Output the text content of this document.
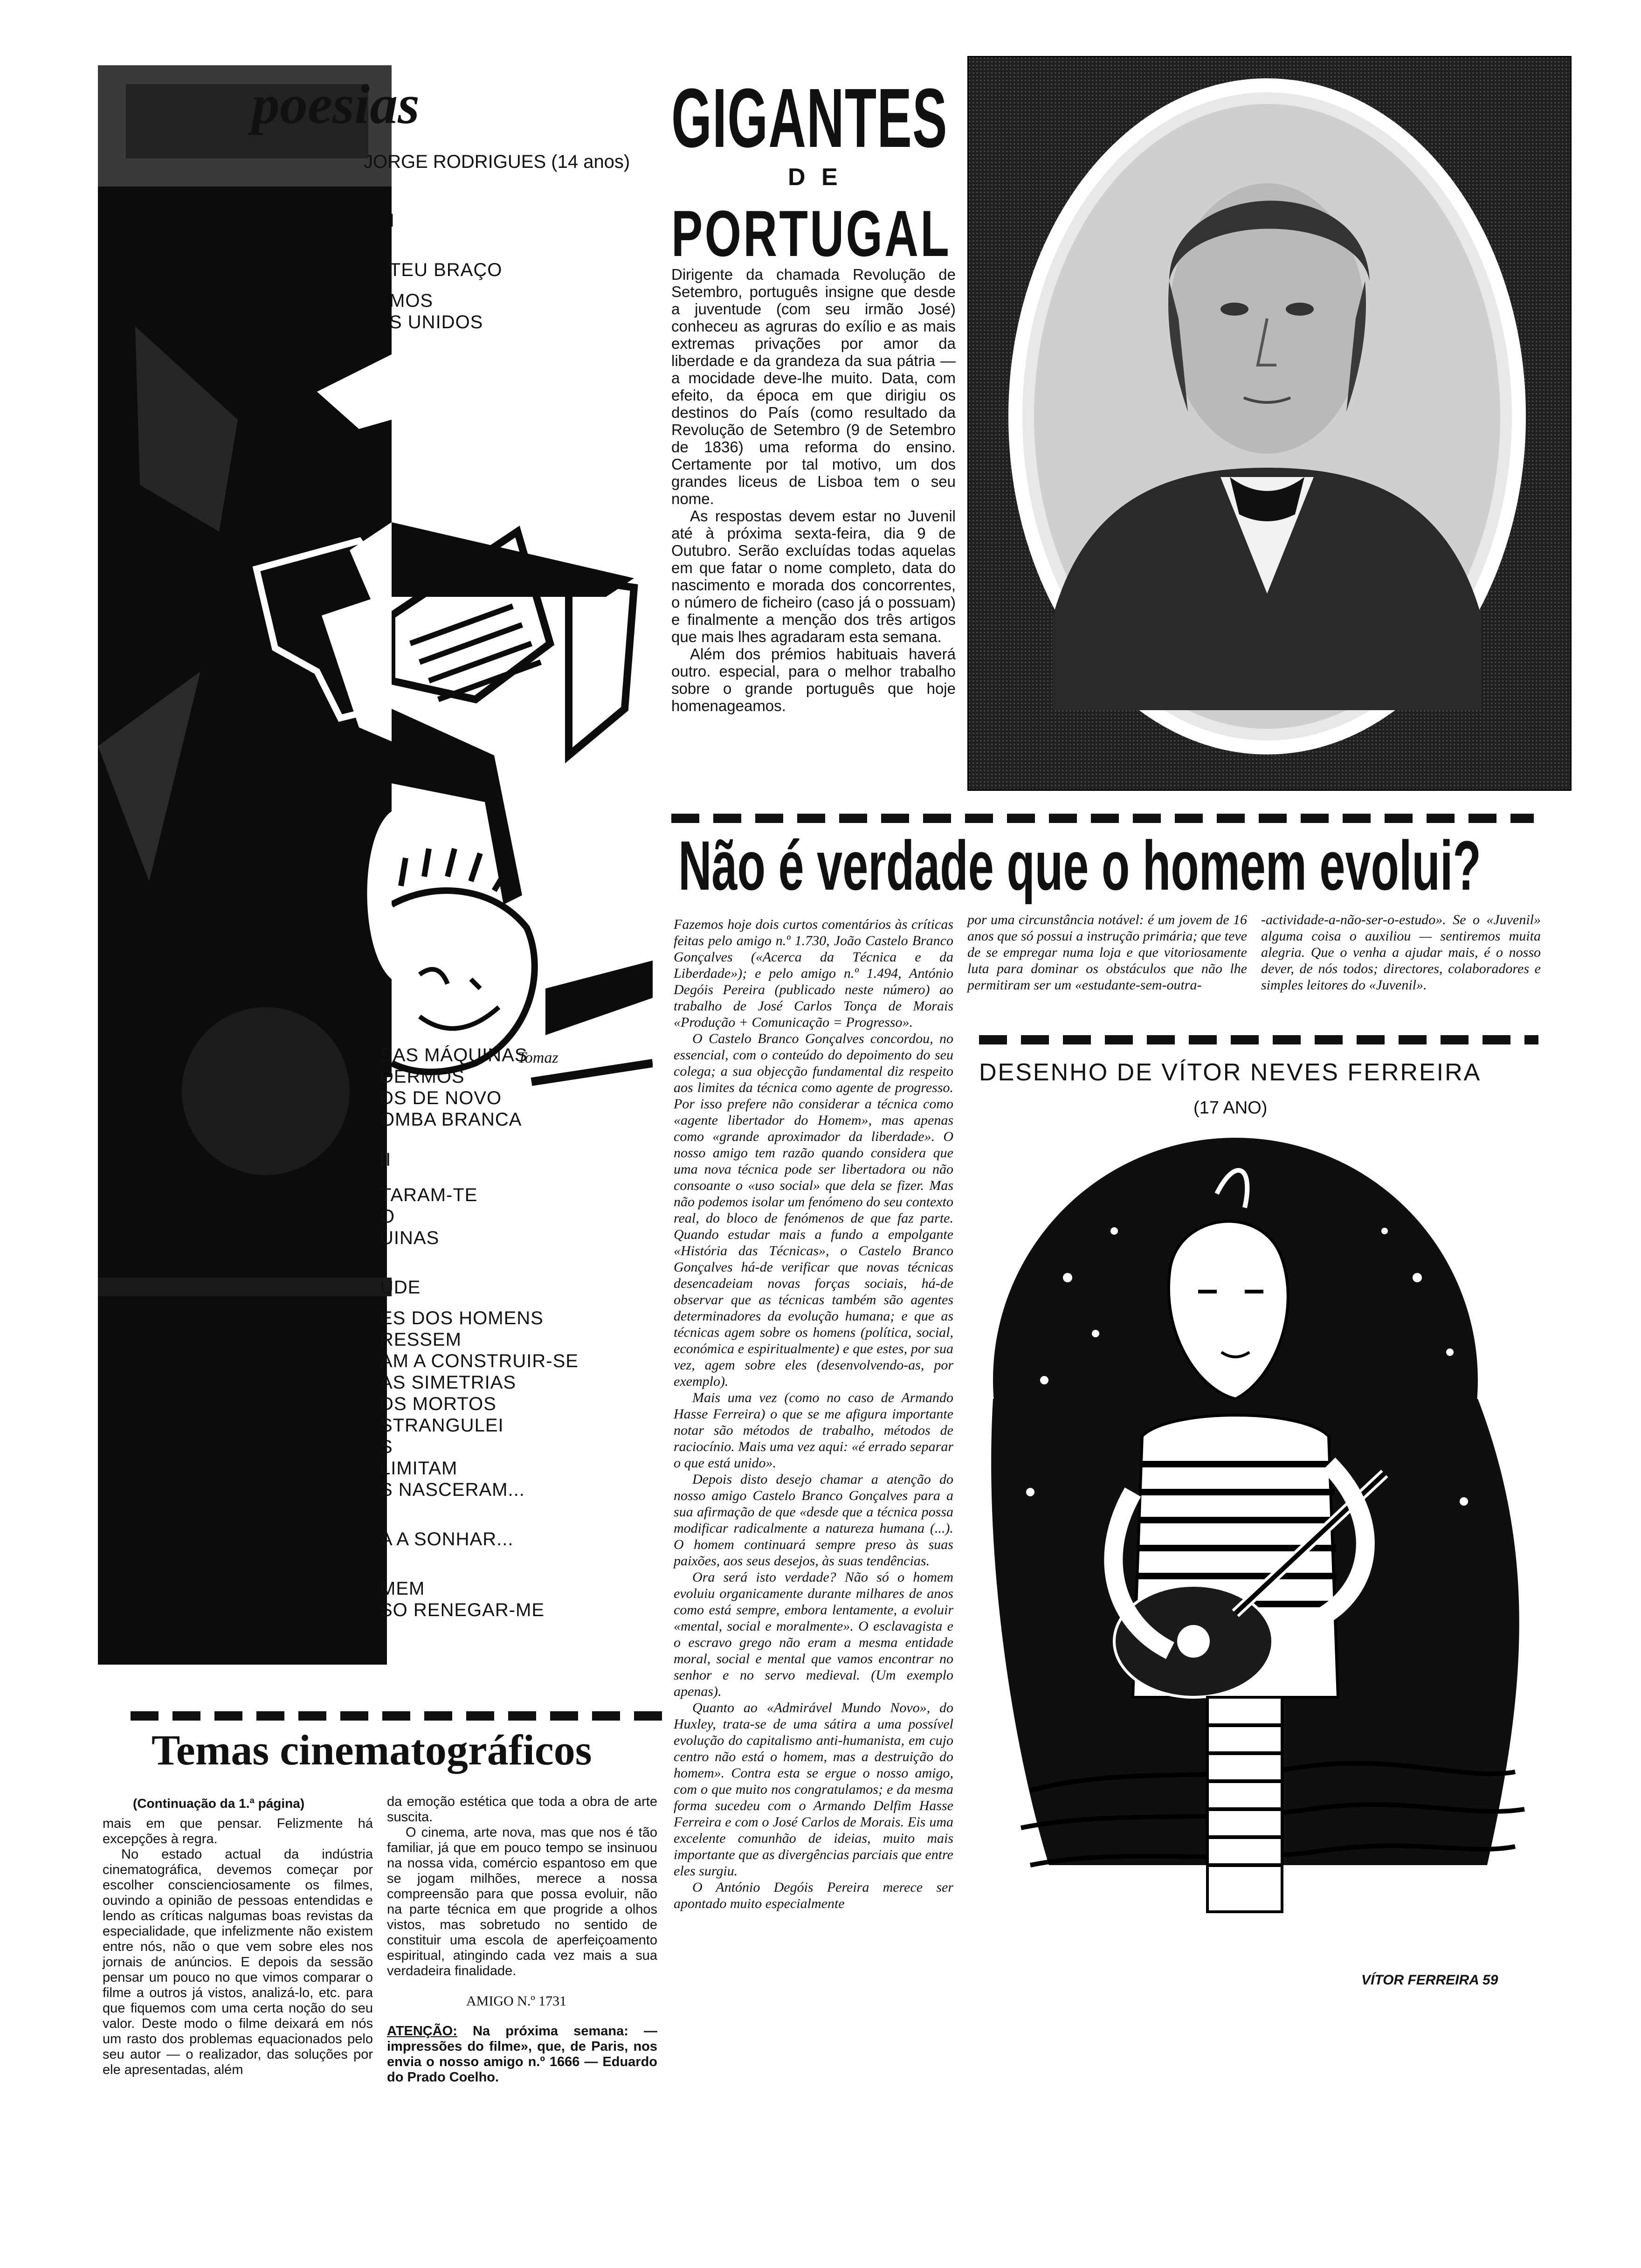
Tomaz
poesias
JORGE RODRIGUES (14 anos)
I
TEU BRAÇO
MOS
S UNIDOS
SAS MÁQUINAS
DERMOS
DS DE NOVO
OMBA BRANCA
II
TARAM-TE
O
UINAS
UDE
ES DOS HOMENS
RESSEM
AM A CONSTRUIR-SE
AS SIMETRIAS
DS MORTOS
STRANGULEI
S
LIMITAM
S NASCERAM...
A A SONHAR...
MEM
SO RENEGAR-ME
GIGANTES
D E
PORTUGAL

Dirigente da chamada Revolução de Setembro, português insigne que desde a juventude (com seu irmão José) conheceu as agruras do exílio e as mais extremas privações por amor da liberdade e da grandeza da sua pátria — a mocidade deve-lhe muito. Data, com efeito, da época em que dirigiu os destinos do País (como resultado da Revolução de Setembro (9 de Setembro de 1836) uma reforma do ensino. Certamente por tal motivo, um dos grandes liceus de Lisboa tem o seu nome.

As respostas devem estar no Juvenil até à próxima sexta-feira, dia 9 de Outubro. Serão excluídas todas aquelas em que fatar o nome completo, data do nascimento e morada dos concorrentes, o número de ficheiro (caso já o possuam) e finalmente a menção dos três artigos que mais lhes agradaram esta semana.

Além dos prémios habituais haverá outro. especial, para o melhor trabalho sobre o grande português que hoje homenageamos.

Não é verdade que o homem evolui?

Fazemos hoje dois curtos comentários às críticas feitas pelo amigo n.º 1.730, João Castelo Branco Gonçalves («Acerca da Técnica e da Liberdade»); e pelo amigo n.º 1.494, António Degóis Pereira (publicado neste número) ao trabalho de José Carlos Tonça de Morais «Produção + Comunicação = Progresso».

O Castelo Branco Gonçalves concordou, no essencial, com o conteúdo do depoimento do seu colega; a sua objecção fundamental diz respeito aos limites da técnica como agente de progresso. Por isso prefere não considerar a técnica como «agente libertador do Homem», mas apenas como «grande aproximador da liberdade». O nosso amigo tem razão quando considera que uma nova técnica pode ser libertadora ou não consoante o «uso social» que dela se fizer. Mas não podemos isolar um fenómeno do seu contexto real, do bloco de fenómenos de que faz parte. Quando estudar mais a fundo a empolgante «História das Técnicas», o Castelo Branco Gonçalves há-de verificar que novas técnicas desencadeiam novas forças sociais, há-de observar que as técnicas também são agentes determinadores da evolução humana; e que as técnicas agem sobre os homens (política, social, económica e espiritualmente) e que estes, por sua vez, agem sobre eles (desenvolvendo-as, por exemplo).

Mais uma vez (como no caso de Armando Hasse Ferreira) o que se me afigura importante notar são métodos de trabalho, métodos de raciocínio. Mais uma vez aqui: «é errado separar o que está unido».

Depois disto desejo chamar a atenção do nosso amigo Castelo Branco Gonçalves para a sua afirmação de que «desde que a técnica possa modificar radicalmente a natureza humana (...). O homem continuará sempre preso às suas paixões, aos seus desejos, às suas tendências.

Ora será isto verdade? Não só o homem evoluiu organicamente durante milhares de anos como está sempre, embora lentamente, a evoluir «mental, social e moralmente». O esclavagista e o escravo grego não eram a mesma entidade moral, social e mental que vamos encontrar no senhor e no servo medieval. (Um exemplo apenas).

Quanto ao «Admirável Mundo Novo», do Huxley, trata-se de uma sátira a uma possível evolução do capitalismo anti-humanista, em cujo centro não está o homem, mas a destruição do homem». Contra esta se ergue o nosso amigo, com o que muito nos congratulamos; e da mesma forma sucedeu com o Armando Delfim Hasse Ferreira e com o José Carlos de Morais. Eis uma excelente comunhão de ideias, muito mais importante que as divergências parciais que entre eles surgiu.

O António Degóis Pereira merece ser apontado muito especialmente

por uma circunstância notável: é um jovem de 16 anos que só possui a instrução primária; que teve de se empregar numa loja e que vitoriosamente luta para dominar os obstáculos que não lhe permitiram ser um «estudante-sem-outra-
-actividade-a-não-ser-o-estudo». Se o «Juvenil» alguma coisa o auxiliou — sentiremos muita alegria. Que o venha a ajudar mais, é o nosso dever, de nós todos; directores, colaboradores e simples leitores do «Juvenil».
DESENHO DE VÍTOR NEVES FERREIRA
(17 ANO)
VÍTOR FERREIRA 59
Temas cinematográficos
(Continuação da 1.ª página)

mais em que pensar. Felizmente há excepções à regra.

No estado actual da indústria cinematográfica, devemos começar por escolher conscienciosamente os filmes, ouvindo a opinião de pessoas entendidas e lendo as críticas nalgumas boas revistas da especialidade, que infelizmente não existem entre nós, não o que vem sobre eles nos jornais de anúncios. E depois da sessão pensar um pouco no que vimos comparar o filme a outros já vistos, analizá-lo, etc. para que fiquemos com uma certa noção do seu valor. Deste modo o filme deixará em nós um rasto dos problemas equacionados pelo seu autor — o realizador, das soluções por ele apresentadas, além

da emoção estética que toda a obra de arte suscita.

O cinema, arte nova, mas que nos é tão familiar, já que em pouco tempo se insinuou na nossa vida, comércio espantoso em que se jogam milhões, merece a nossa compreensão para que possa evoluir, não na parte técnica em que progride a olhos vistos, mas sobretudo no sentido de constituir uma escola de aperfeiçoamento espiritual, atingindo cada vez mais a sua verdadeira finalidade.

AMIGO N.º 1731
ATENÇÃO: Na próxima semana: — impressões do filme», que, de Paris, nos envia o nosso amigo n.º 1666 — Eduardo do Prado Coelho.
